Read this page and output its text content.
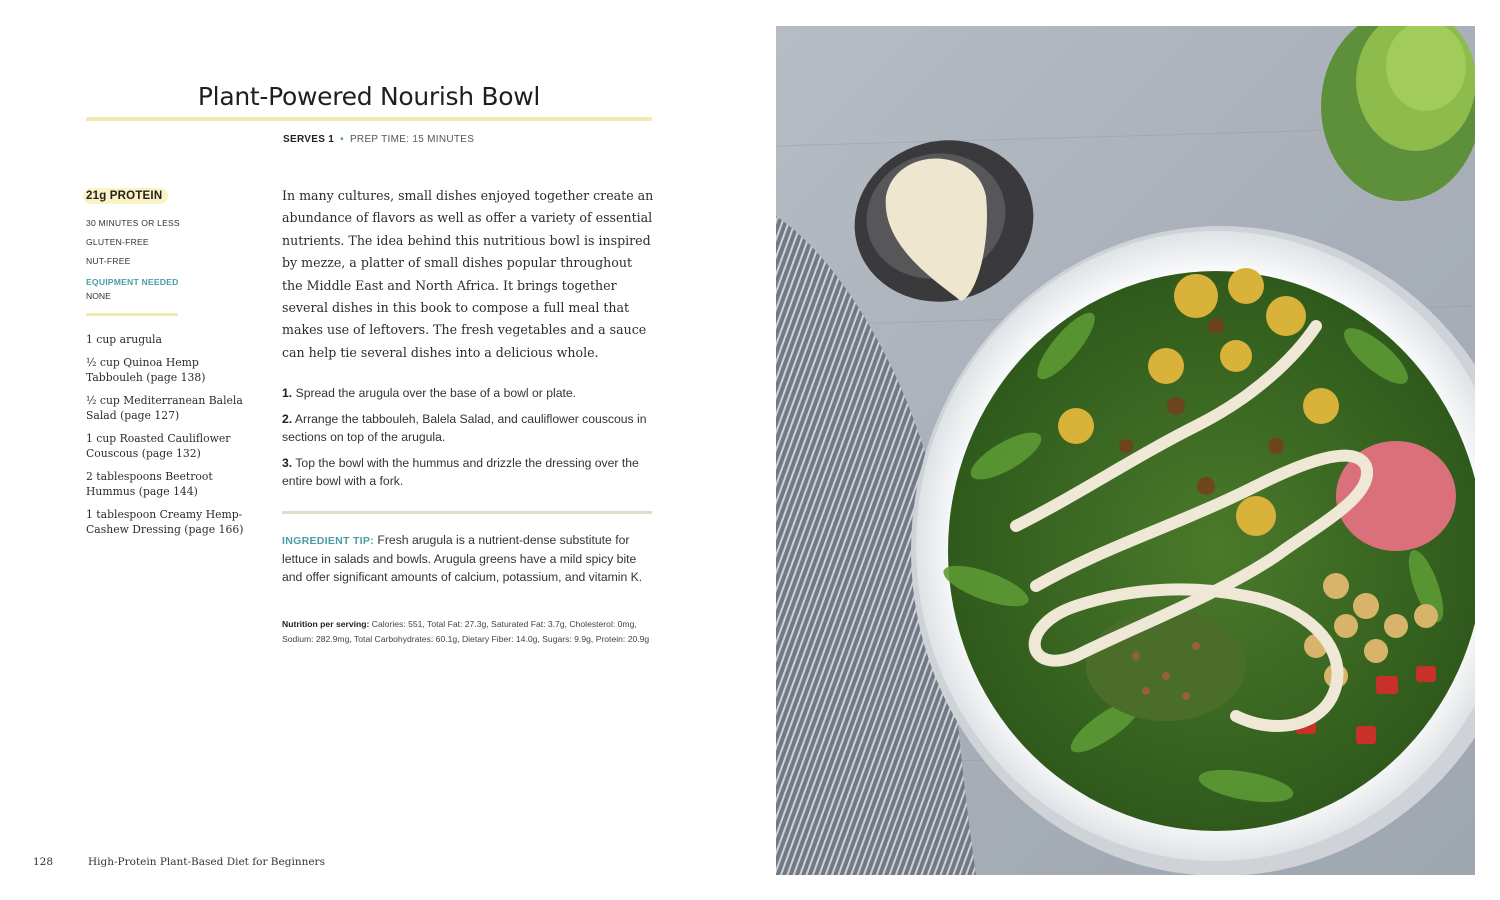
Plant-Powered Nourish Bowl
SERVES 1 • PREP TIME: 15 MINUTES
21g PROTEIN
30 MINUTES OR LESS
GLUTEN-FREE
NUT-FREE
EQUIPMENT NEEDED
NONE
1 cup arugula
½ cup Quinoa Hemp Tabbouleh (page 138)
½ cup Mediterranean Balela Salad (page 127)
1 cup Roasted Cauliflower Couscous (page 132)
2 tablespoons Beetroot Hummus (page 144)
1 tablespoon Creamy Hemp-Cashew Dressing (page 166)
In many cultures, small dishes enjoyed together create an abundance of flavors as well as offer a variety of essential nutrients. The idea behind this nutritious bowl is inspired by mezze, a platter of small dishes popular throughout the Middle East and North Africa. It brings together several dishes in this book to compose a full meal that makes use of leftovers. The fresh vegetables and a sauce can help tie several dishes into a delicious whole.
1. Spread the arugula over the base of a bowl or plate.
2. Arrange the tabbouleh, Balela Salad, and cauliflower couscous in sections on top of the arugula.
3. Top the bowl with the hummus and drizzle the dressing over the entire bowl with a fork.
INGREDIENT TIP: Fresh arugula is a nutrient-dense substitute for lettuce in salads and bowls. Arugula greens have a mild spicy bite and offer significant amounts of calcium, potassium, and vitamin K.
Nutrition per serving: Calories: 551, Total Fat: 27.3g, Saturated Fat: 3.7g, Cholesterol: 0mg, Sodium: 282.9mg, Total Carbohydrates: 60.1g, Dietary Fiber: 14.0g, Sugars: 9.9g, Protein: 20.9g
128	High-Protein Plant-Based Diet for Beginners
